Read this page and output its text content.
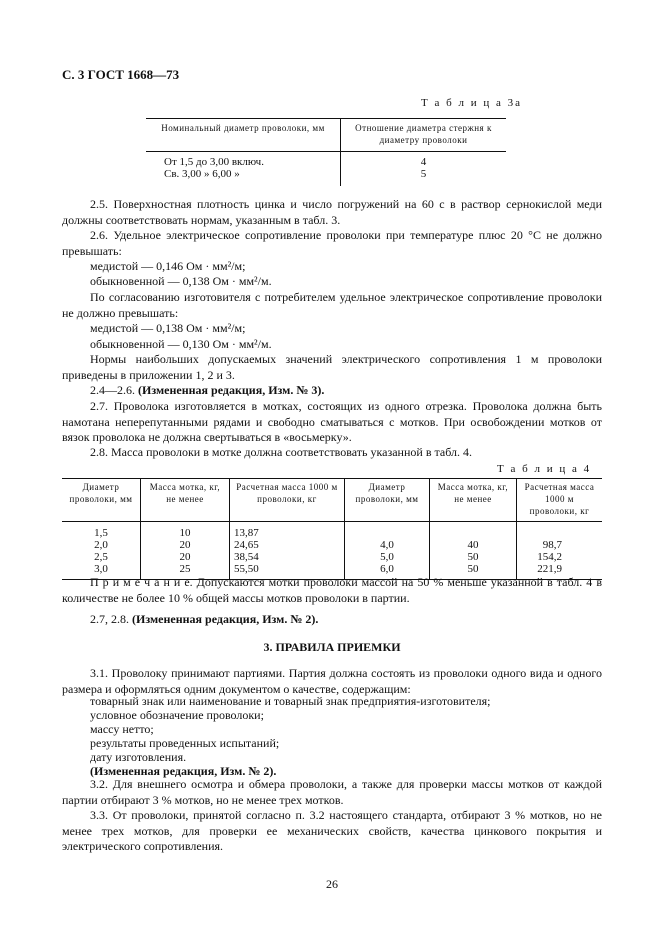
С. 3 ГОСТ 1668—73
Т а б л и ц а 3а
Номинальный диаметр проволоки, мм	Отношение диаметра стержня к диаметру проволоки
От 1,5 до 3,00 включ.	4
Св. 3,00 » 6,00 »	5
2.5. Поверхностная плотность цинка и число погружений на 60 с в раствор сернокислой меди должны соответствовать нормам, указанным в табл. 3.
2.6. Удельное электрическое сопротивление проволоки при температуре плюс 20 °С не должно превышать:
медистой — 0,146 Ом · мм²/м;
обыкновенной — 0,138 Ом · мм²/м.
По согласованию изготовителя с потребителем удельное электрическое сопротивление проволоки не должно превышать:
медистой — 0,138 Ом · мм²/м;
обыкновенной — 0,130 Ом · мм²/м.
Нормы наибольших допускаемых значений электрического сопротивления 1 м проволоки приведены в приложении 1, 2 и 3.
2.4—2.6. (Измененная редакция, Изм. № 3).
2.7. Проволока изготовляется в мотках, состоящих из одного отрезка. Проволока должна быть намотана неперепутанными рядами и свободно сматываться с мотков. При освобождении мотков от вязок проволока не должна свертываться в «восьмерку».
2.8. Масса проволоки в мотке должна соответствовать указанной в табл. 4.
Т а б л и ц а 4
Диаметр проволоки, мм	Масса мотка, кг, не менее	Расчетная масса 1000 м проволоки, кг	Диаметр проволоки, мм	Масса мотка, кг, не менее	Расчетная масса 1000 м проволоки, кг
1,5	10	13,87			
2,0	20	24,65	4,0	40	98,7
2,5	20	38,54	5,0	50	154,2
3,0	25	55,50	6,0	50	221,9
П р и м е ч а н и е. Допускаются мотки проволоки массой на 50 % меньше указанной в табл. 4 в количестве не более 10 % общей массы мотков проволоки в партии.
2.7, 2.8. (Измененная редакция, Изм. № 2).
3. ПРАВИЛА ПРИЕМКИ
3.1. Проволоку принимают партиями. Партия должна состоять из проволоки одного вида и одного размера и оформляться одним документом о качестве, содержащим:
товарный знак или наименование и товарный знак предприятия-изготовителя;
условное обозначение проволоки;
массу нетто;
результаты проведенных испытаний;
дату изготовления.
(Измененная редакция, Изм. № 2).
3.2. Для внешнего осмотра и обмера проволоки, а также для проверки массы мотков от каждой партии отбирают 3 % мотков, но не менее трех мотков.
3.3. От проволоки, принятой согласно п. 3.2 настоящего стандарта, отбирают 3 % мотков, но не менее трех мотков, для проверки ее механических свойств, качества цинкового покрытия и электрического сопротивления.
26
